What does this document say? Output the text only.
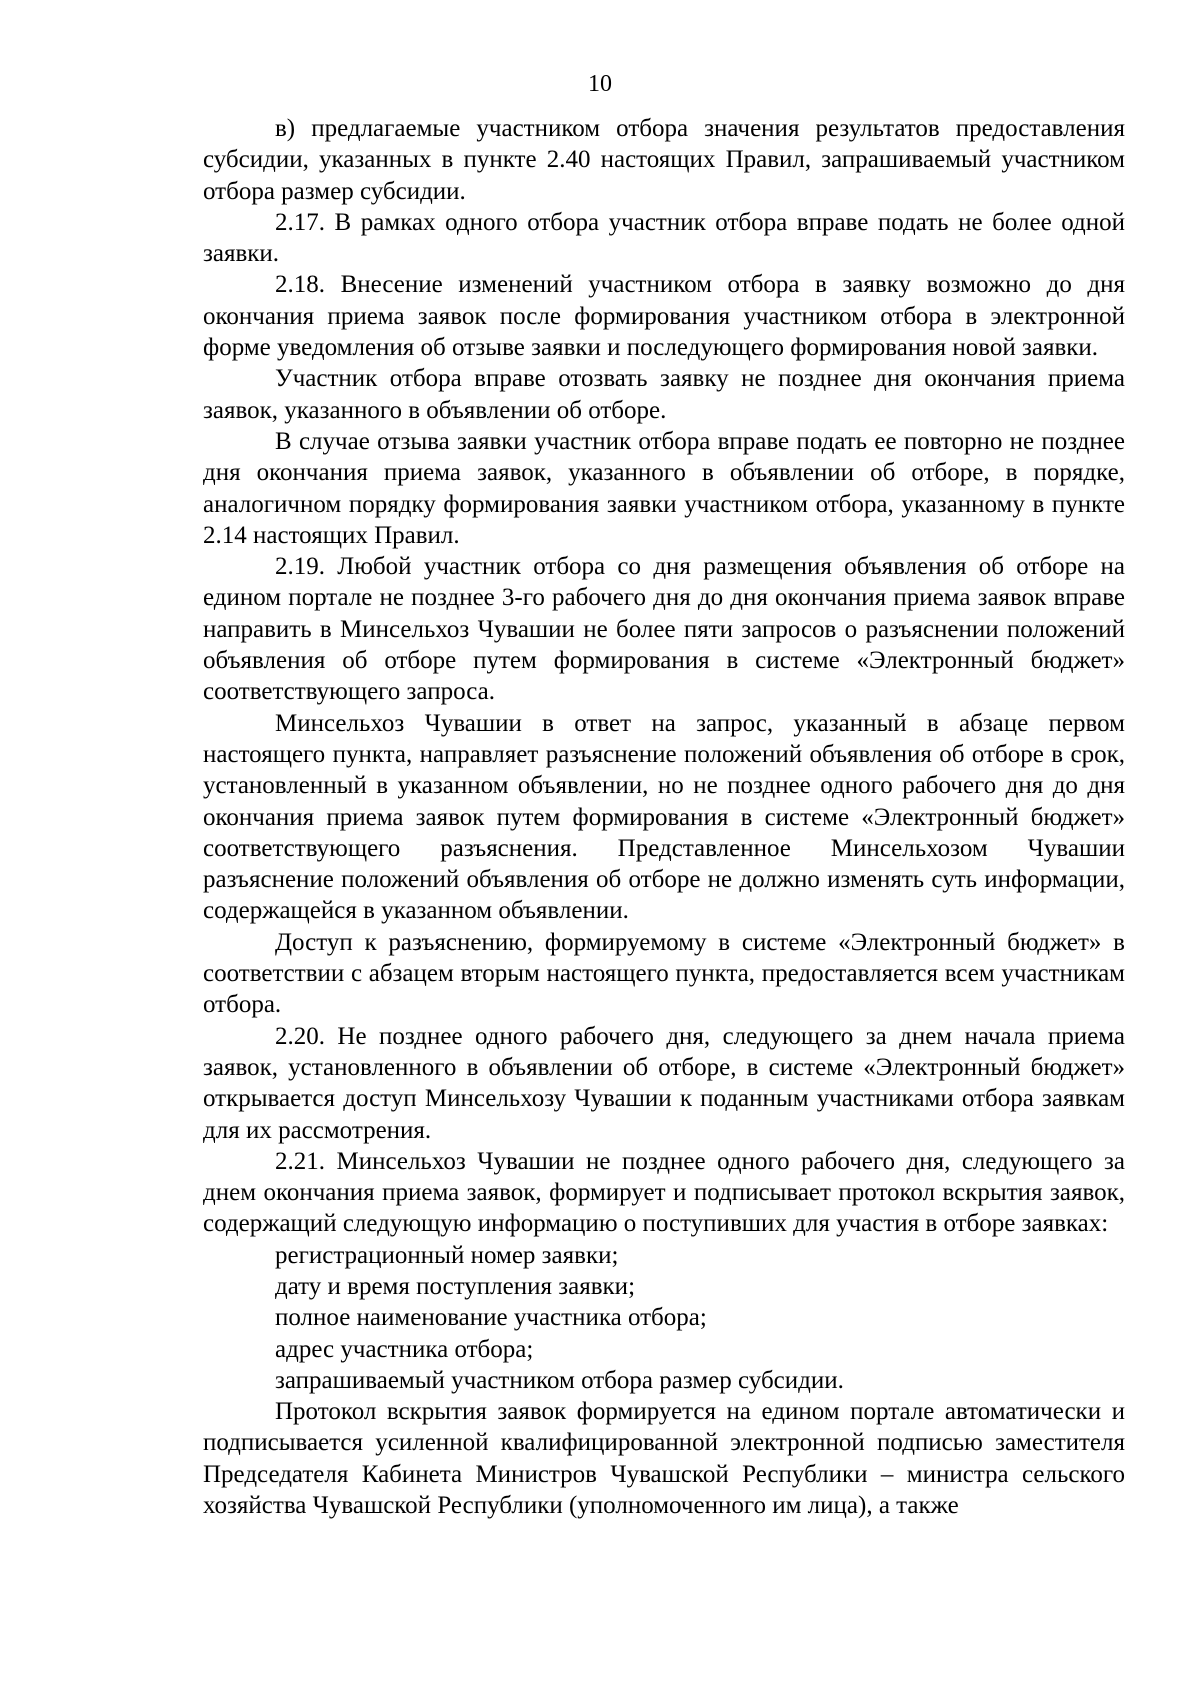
10

в) предлагаемые участником отбора значения результатов предоставления субсидии, указанных в пункте 2.40 настоящих Правил, запрашиваемый участником отбора размер субсидии.

2.17. В рамках одного отбора участник отбора вправе подать не более одной заявки.

2.18. Внесение изменений участником отбора в заявку возможно до дня окончания приема заявок после формирования участником отбора в электронной форме уведомления об отзыве заявки и последующего формирования новой заявки.

Участник отбора вправе отозвать заявку не позднее дня окончания приема заявок, указанного в объявлении об отборе.

В случае отзыва заявки участник отбора вправе подать ее повторно не позднее дня окончания приема заявок, указанного в объявлении об отборе, в порядке, аналогичном порядку формирования заявки участником отбора, указанному в пункте 2.14 настоящих Правил.

2.19. Любой участник отбора со дня размещения объявления об отборе на едином портале не позднее 3-го рабочего дня до дня окончания приема заявок вправе направить в Минсельхоз Чувашии не более пяти запросов о разъяснении положений объявления об отборе путем формирования в системе «Электронный бюджет» соответствующего запроса.

Минсельхоз Чувашии в ответ на запрос, указанный в абзаце первом настоящего пункта, направляет разъяснение положений объявления об отборе в срок, установленный в указанном объявлении, но не позднее одного рабочего дня до дня окончания приема заявок путем формирования в системе «Электронный бюджет» соответствующего разъяснения. Представленное Минсельхозом Чувашии разъяснение положений объявления об отборе не должно изменять суть информации, содержащейся в указанном объявлении.

Доступ к разъяснению, формируемому в системе «Электронный бюджет» в соответствии с абзацем вторым настоящего пункта, предоставляется всем участникам отбора.

2.20. Не позднее одного рабочего дня, следующего за днем начала приема заявок, установленного в объявлении об отборе, в системе «Электронный бюджет» открывается доступ Минсельхозу Чувашии к поданным участниками отбора заявкам для их рассмотрения.

2.21. Минсельхоз Чувашии не позднее одного рабочего дня, следующего за днем окончания приема заявок, формирует и подписывает протокол вскрытия заявок, содержащий следующую информацию о поступивших для участия в отборе заявках:

регистрационный номер заявки;

дату и время поступления заявки;

полное наименование участника отбора;

адрес участника отбора;

запрашиваемый участником отбора размер субсидии.

Протокол вскрытия заявок формируется на едином портале автоматически и подписывается усиленной квалифицированной электронной подписью заместителя Председателя Кабинета Министров Чувашской Республики – министра сельского хозяйства Чувашской Республики (уполномоченного им лица), а также
